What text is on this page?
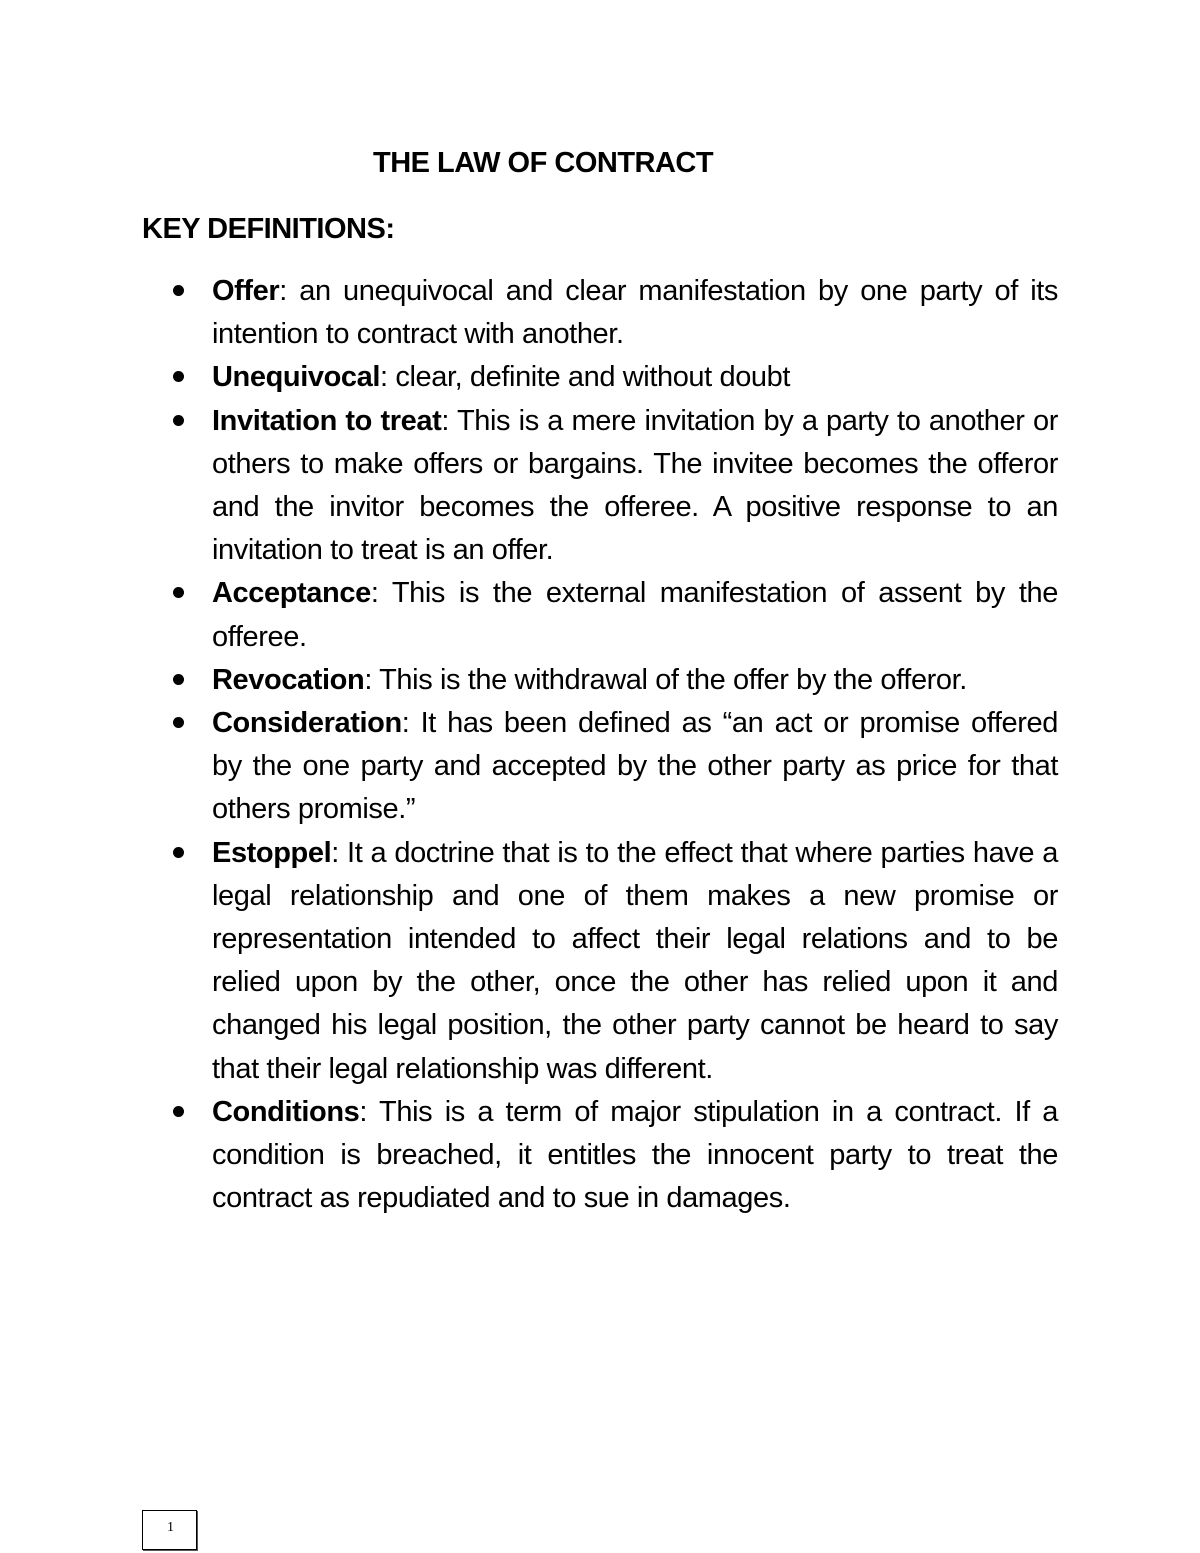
THE LAW OF CONTRACT
KEY DEFINITIONS:
Offer: an unequivocal and clear manifestation by one party of its intention to contract with another.
Unequivocal: clear, definite and without doubt
Invitation to treat: This is a mere invitation by a party to another or others to make offers or bargains. The invitee becomes the offeror and the invitor becomes the offeree. A positive response to an invitation to treat is an offer.
Acceptance: This is the external manifestation of assent by the offeree.
Revocation: This is the withdrawal of the offer by the offeror.
Consideration: It has been defined as “an act or promise offered by the one party and accepted by the other party as price for that others promise.”
Estoppel: It a doctrine that is to the effect that where parties have a legal relationship and one of them makes a new promise or representation intended to affect their legal relations and to be relied upon by the other, once the other has relied upon it and changed his legal position, the other party cannot be heard to say that their legal relationship was different.
Conditions: This is a term of major stipulation in a contract. If a condition is breached, it entitles the innocent party to treat the contract as repudiated and to sue in damages.
1
